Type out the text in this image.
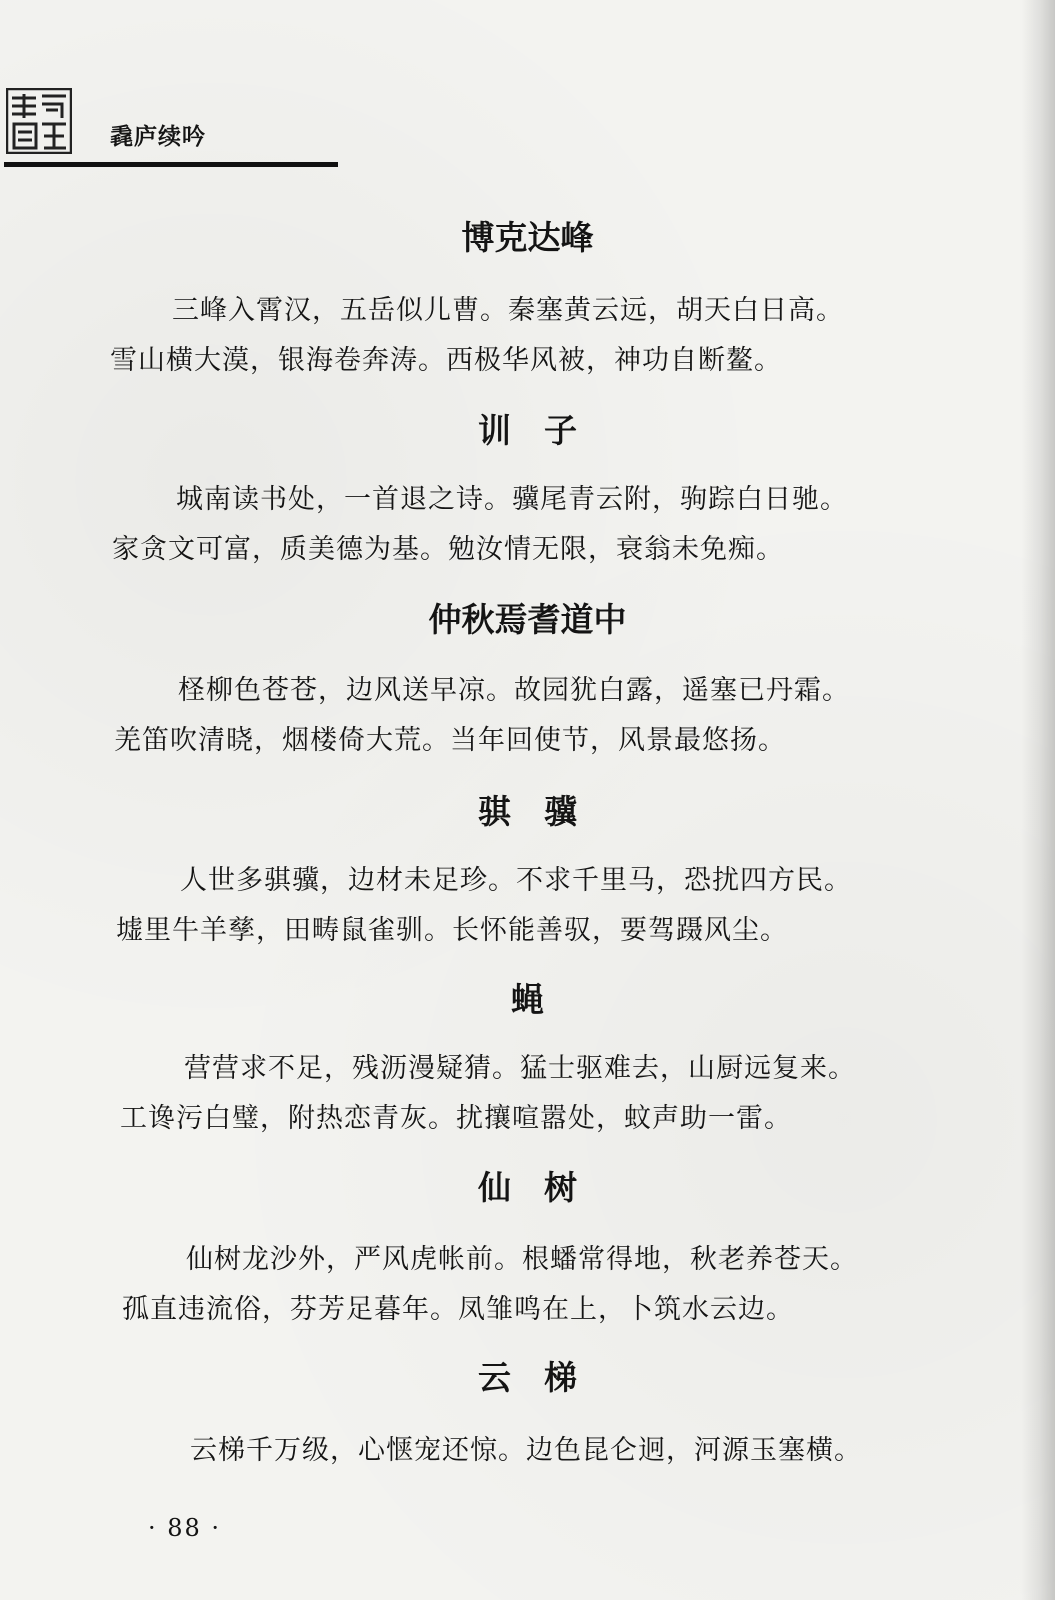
毳庐续吟
博克达峰

三峰入霄汉，五岳似儿曹。秦塞黄云远，胡天白日高。

雪山横大漠，银海卷奔涛。西极华风被，神功自断鳌。

训　子

城南读书处，一首退之诗。骥尾青云附，驹踪白日驰。

家贪文可富，质美德为基。勉汝情无限，衰翁未免痴。

仲秋焉耆道中

柽柳色苍苍，边风送早凉。故园犹白露，遥塞已丹霜。

羌笛吹清晓，烟楼倚大荒。当年回使节，风景最悠扬。

骐　骥

人世多骐骥，边材未足珍。不求千里马，恐扰四方民。

墟里牛羊孳，田畴鼠雀驯。长怀能善驭，要驾蹑风尘。

蝇

营营求不足，残沥漫疑猜。猛士驱难去，山厨远复来。

工谗污白璧，附热恋青灰。扰攘喧嚣处，蚊声助一雷。

仙　树

仙树龙沙外，严风虎帐前。根蟠常得地，秋老养苍天。

孤直违流俗，芬芳足暮年。凤雏鸣在上，卜筑水云边。

云　梯

云梯千万级，心惬宠还惊。边色昆仑迥，河源玉塞横。

· 88 ·
